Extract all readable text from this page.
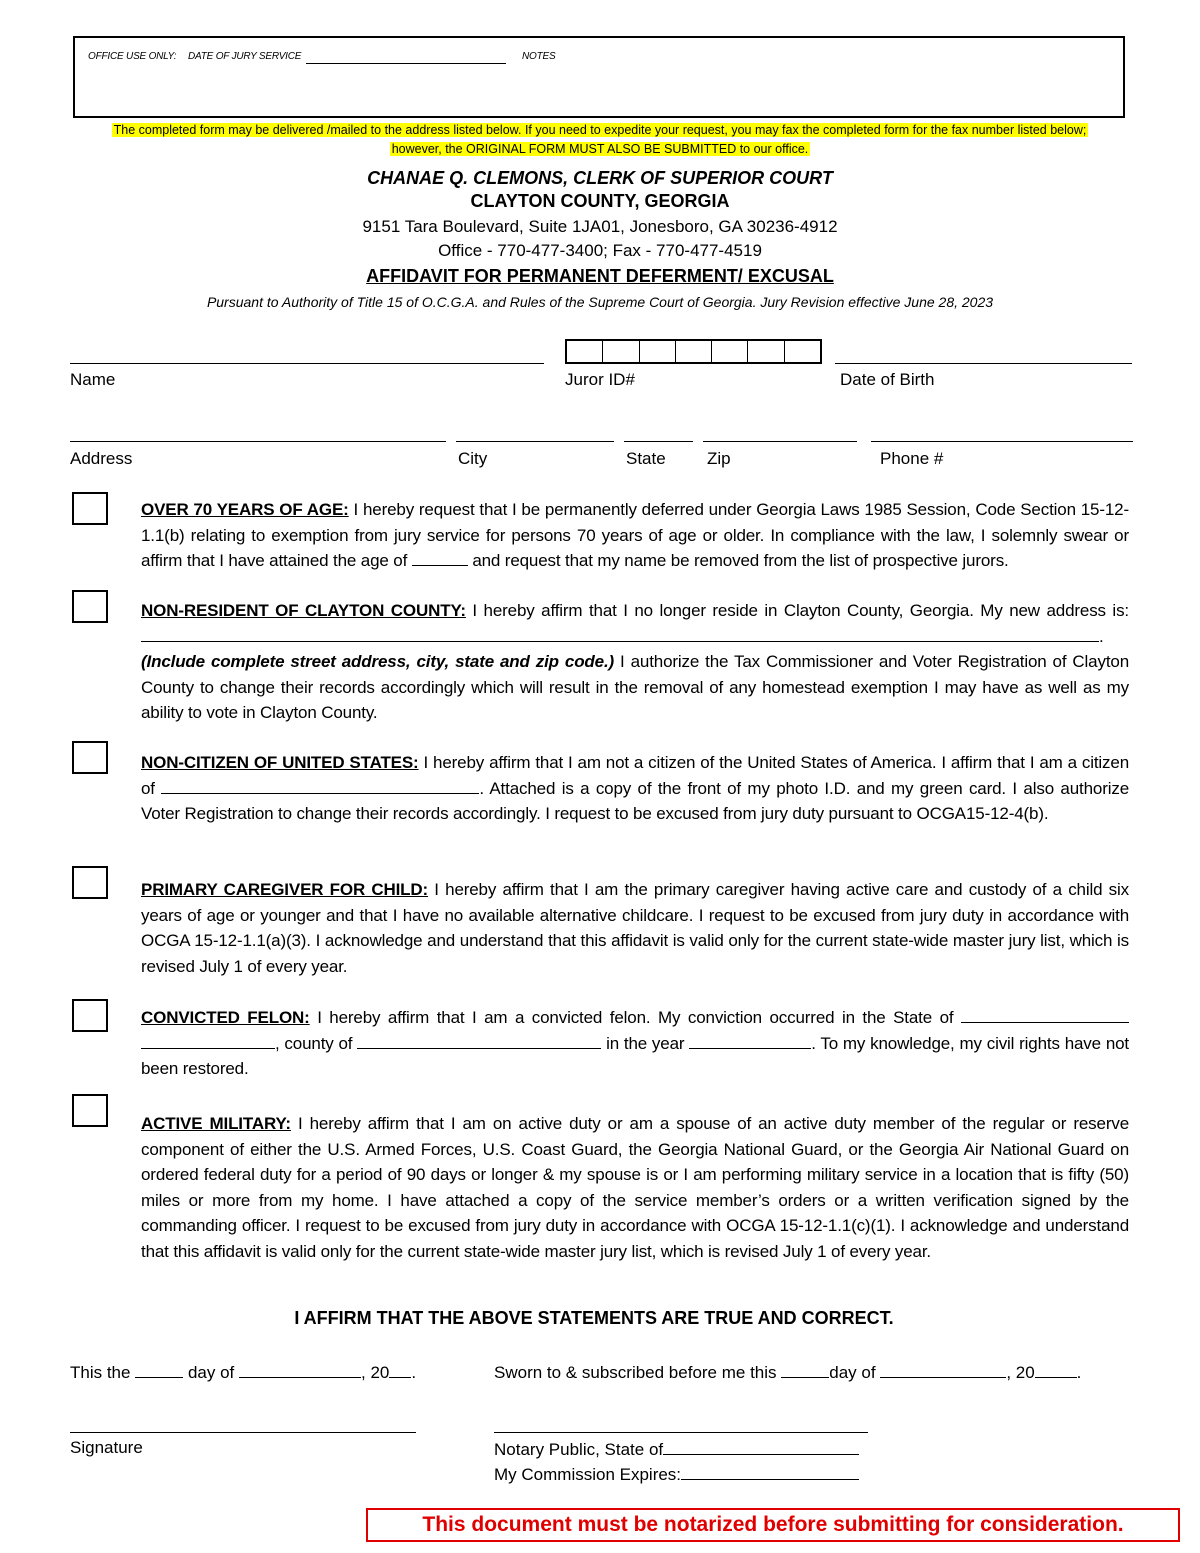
OFFICE USE ONLY: DATE OF JURY SERVICE	NOTES
The completed form may be delivered /mailed to the address listed below. If you need to expedite your request, you may fax the completed form for the fax number listed below;
however, the ORIGINAL FORM MUST ALSO BE SUBMITTED to our office.
CHANAE Q. CLEMONS, CLERK OF SUPERIOR COURT
CLAYTON COUNTY, GEORGIA
9151 Tara Boulevard, Suite 1JA01, Jonesboro, GA 30236-4912
Office - 770-477-3400; Fax - 770-477-4519
AFFIDAVIT FOR PERMANENT DEFERMENT/ EXCUSAL
Pursuant to Authority of Title 15 of O.C.G.A. and Rules of the Supreme Court of Georgia. Jury Revision effective June 28, 2023
Name	Juror ID#	Date of Birth
Address	City	State Zip	Phone #
OVER 70 YEARS OF AGE: I hereby request that I be permanently deferred under Georgia Laws 1985 Session, Code Section 15-12-1.1(b) relating to exemption from jury service for persons 70 years of age or older. In compliance with the law, I solemnly swear or affirm that I have attained the age of	and request that my name be removed from the list of prospective jurors.
NON-RESIDENT OF CLAYTON COUNTY: I hereby affirm that I no longer reside in Clayton County, Georgia. My new address is: .
(Include complete street address, city, state and zip code.) I authorize the Tax Commissioner and Voter Registration of Clayton County to change their records accordingly which will result in the removal of any homestead exemption I may have as well as my ability to vote in Clayton County.
NON-CITIZEN OF UNITED STATES: I hereby affirm that I am not a citizen of the United States of America. I affirm that I am a citizen of	. Attached is a copy of the front of my photo I.D. and my green card. I also authorize Voter Registration to change their records accordingly. I request to be excused from jury duty pursuant to OCGA15-12-4(b).
PRIMARY CAREGIVER FOR CHILD: I hereby affirm that I am the primary caregiver having active care and custody of a child six years of age or younger and that I have no available alternative childcare. I request to be excused from jury duty in accordance with OCGA 15-12-1.1(a)(3). I acknowledge and understand that this affidavit is valid only for the current state-wide master jury list, which is revised July 1 of every year.
CONVICTED FELON: I hereby affirm that I am a convicted felon. My conviction occurred in the State of  , county of	in the year	. To my knowledge, my civil rights have not been restored.
ACTIVE MILITARY: I hereby affirm that I am on active duty or am a spouse of an active duty member of the regular or reserve component of either the U.S. Armed Forces, U.S. Coast Guard, the Georgia National Guard, or the Georgia Air National Guard on ordered federal duty for a period of 90 days or longer & my spouse is or I am performing military service in a location that is fifty (50) miles or more from my home. I have attached a copy of the service member’s orders or a written verification signed by the commanding officer. I request to be excused from jury duty in accordance with OCGA 15-12-1.1(c)(1). I acknowledge and understand that this affidavit is valid only for the current state-wide master jury list, which is revised July 1 of every year.
I AFFIRM THAT THE ABOVE STATEMENTS ARE TRUE AND CORRECT.
This the	day of	, 20 .	Sworn to & subscribed before me this	day of	, 20 .
Signature	Notary Public, State of
My Commission Expires:
This document must be notarized before submitting for consideration.
